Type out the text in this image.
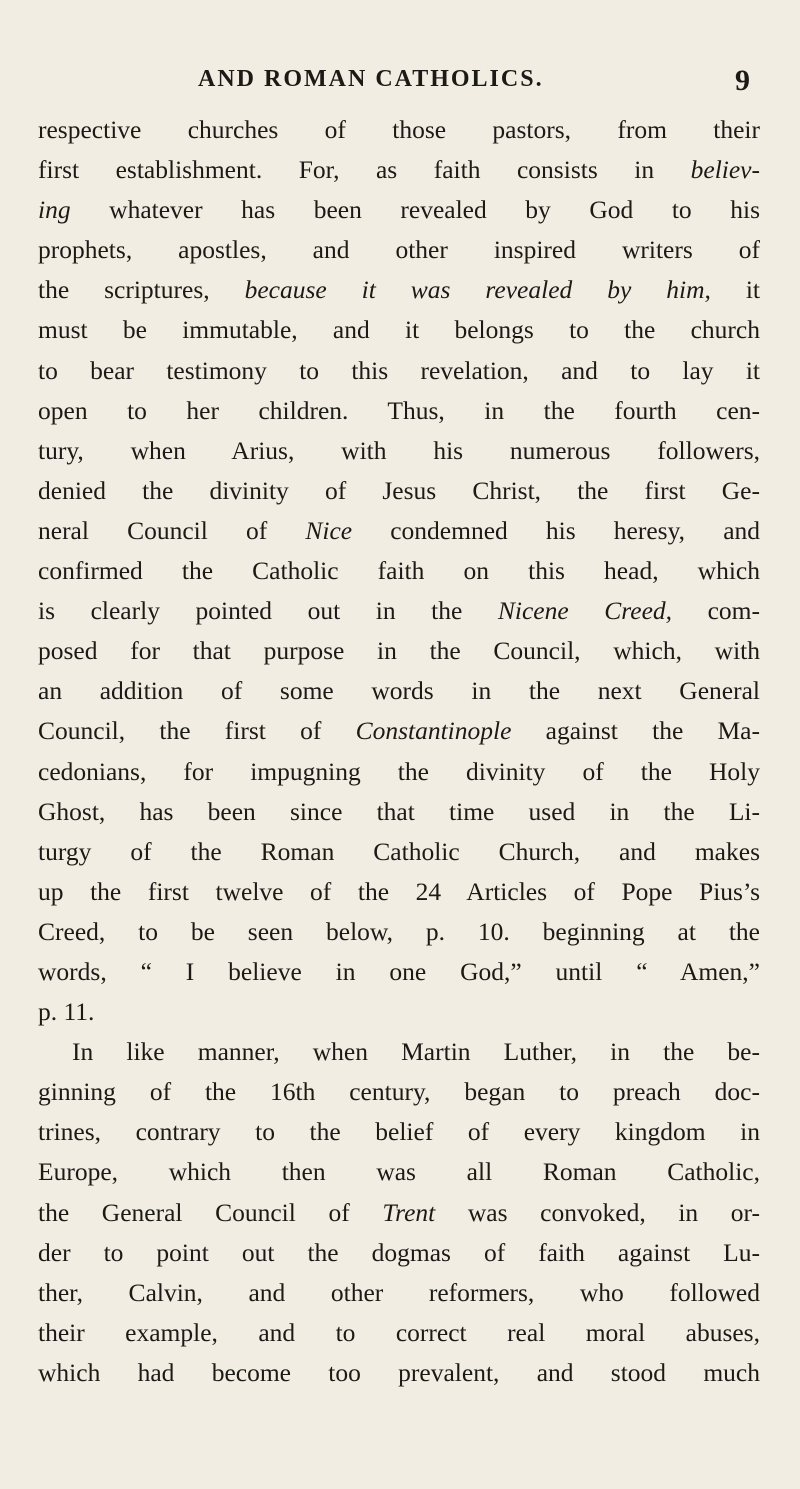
AND ROMAN CATHOLICS.	9
respective churches of those pastors, from their
first establishment. For, as faith consists in believ-
ing whatever has been revealed by God to his
prophets, apostles, and other inspired writers of
the scriptures, because it was revealed by him, it
must be immutable, and it belongs to the church
to bear testimony to this revelation, and to lay it
open to her children. Thus, in the fourth cen-
tury, when Arius, with his numerous followers,
denied the divinity of Jesus Christ, the first Ge-
neral Council of Nice condemned his heresy, and
confirmed the Catholic faith on this head, which
is clearly pointed out in the Nicene Creed, com-
posed for that purpose in the Council, which, with
an addition of some words in the next General
Council, the first of Constantinople against the Ma-
cedonians, for impugning the divinity of the Holy
Ghost, has been since that time used in the Li-
turgy of the Roman Catholic Church, and makes
up the first twelve of the 24 Articles of Pope Pius’s
Creed, to be seen below, p. 10. beginning at the
words, “ I believe in one God,” until “ Amen,”
p. 11.
In like manner, when Martin Luther, in the be-
ginning of the 16th century, began to preach doc-
trines, contrary to the belief of every kingdom in
Europe, which then was all Roman Catholic,
the General Council of Trent was convoked, in or-
der to point out the dogmas of faith against Lu-
ther, Calvin, and other reformers, who followed
their example, and to correct real moral abuses,
which had become too prevalent, and stood much
